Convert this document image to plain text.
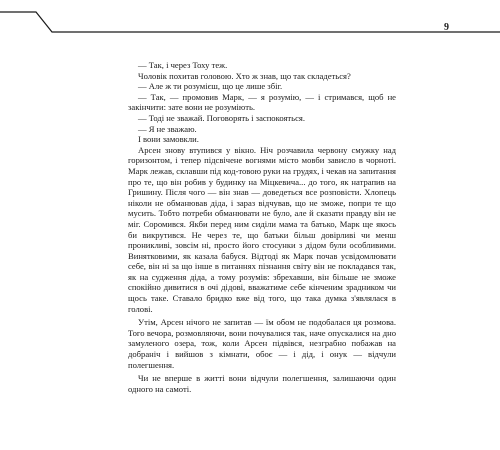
9

— Так, і через Тоху теж.

Чоловік похитав головою. Хто ж знав, що так складеться?

— Але ж ти розумієш, що це лише збіг.

— Так, — промовив Марк, — я розумію, — і стримався, щоб не закінчити: зате вони не розуміють.

— Тоді не зважай. Поговорять і заспокояться.

— Я не зважаю.

І вони замовкли.

Арсен знову втупився у вікно. Ніч розчавила червону смужку над горизонтом, і тепер підсвічене вогнями місто мовби зависло в чорноті. Марк лежав, склавши під код-товою руки на грудях, і чекав на запитання про те, що він робив у будинку на Міцкевича... до того, як натрапив на Гришину. Після чого — він знав — доведеться все розповісти. Хлопець ніколи не обманював діда, і зараз відчував, що не зможе, попри те що мусить. Тобто потреби обманювати не було, але й сказати правду він не міг. Соромився. Якби перед ним сиділи мама та батько, Марк ще якось би викрутився. Не через те, що батьки більш довірливі чи менш проникливі, зовсім ні, просто його стосунки з дідом були особливими. Винятковими, як казала бабуся. Відтоді як Марк почав усвідомлювати себе, він ні за що інше в питаннях пізнання світу він не покладався так, як на судження діда, а тому розумів: збрехавши, він більше не зможе спокійно дивитися в очі дідові, вважатиме себе кінченим зрадником чи щось таке. Ставало бридко вже від того, що така думка з'являлася в голові.

Утім, Арсен нічого не запитав — їм обом не подобалася ця розмова. Того вечора, розмовляючи, вони почувалися так, наче опускалися на дно замуленого озера, тож, коли Арсен підвівся, незграбно побажав на добраніч і вийшов з кімнати, обоє — і дід, і онук — відчули полегшення.

Чи не вперше в житті вони відчули полегшення, залишаючи один одного на самоті.
